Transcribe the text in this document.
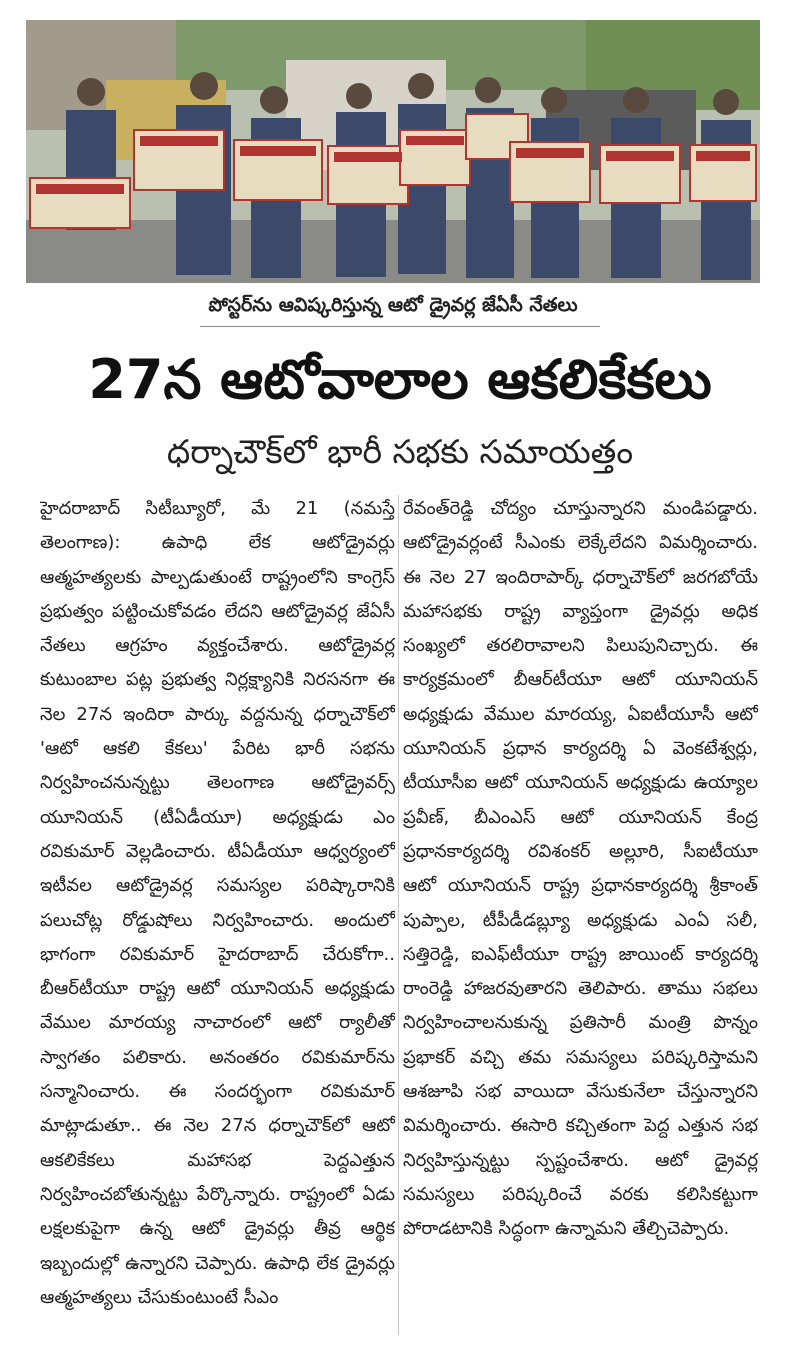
పోస్టర్‌ను ఆవిష్కరిస్తున్న ఆటో డ్రైవర్ల జేఏసీ నేతలు
27న ఆటోవాలాల ఆకలికేకలు
ధర్నాచౌక్‌లో భారీ సభకు సమాయత్తం
హైదరాబాద్ సిటీబ్యూరో, మే 21 (నమస్తే తెలంగాణ): ఉపాధి లేక ఆటోడ్రైవర్లు ఆత్మహత్యలకు పాల్పడుతుంటే రాష్ట్రంలోని కాంగ్రెస్ ప్రభుత్వం పట్టించుకోవడం లేదని ఆటోడ్రైవర్ల జేఏసీ నేతలు ఆగ్రహం వ్యక్తంచేశారు. ఆటోడ్రైవర్ల కుటుంబాల పట్ల ప్రభుత్వ నిర్లక్ష్యానికి నిరసనగా ఈ నెల 27న ఇందిరా పార్కు వద్దనున్న ధర్నాచౌక్‌లో 'ఆటో ఆకలి కేకలు' పేరిట భారీ సభను నిర్వహించనున్నట్టు తెలంగాణ ఆటోడ్రైవర్స్ యూనియన్ (టీఏడీయూ) అధ్యక్షుడు ఎం రవికుమార్ వెల్లడించారు. టీఏడీయూ ఆధ్వర్యంలో ఇటీవల ఆటోడ్రైవర్ల సమస్యల పరిష్కారానికి పలుచోట్ల రోడ్డుషోలు నిర్వహించారు. అందులో భాగంగా రవికుమార్ హైదరాబాద్ చేరుకోగా.. బీఆర్‌టీయూ రాష్ట్ర ఆటో యూనియన్ అధ్యక్షుడు వేముల మారయ్య నాచారంలో ఆటో ర్యాలీతో స్వాగతం పలికారు. అనంతరం రవికుమార్‌ను సన్మానించారు. ఈ సందర్భంగా రవికుమార్ మాట్లాడుతూ.. ఈ నెల 27న ధర్నాచౌక్‌లో ఆటో ఆకలికేకలు మహాసభ పెద్దఎత్తున నిర్వహించబోతున్నట్టు పేర్కొన్నారు. రాష్ట్రంలో ఏడు లక్షలకుపైగా ఉన్న ఆటో డ్రైవర్లు తీవ్ర ఆర్థిక ఇబ్బందుల్లో ఉన్నారని చెప్పారు. ఉపాధి లేక డ్రైవర్లు ఆత్మహత్యలు చేసుకుంటుంటే సీఎం
రేవంత్‌రెడ్డి చోద్యం చూస్తున్నారని మండిపడ్డారు. ఆటోడ్రైవర్లంటే సీఎంకు లెక్కేలేదని విమర్శించారు. ఈ నెల 27 ఇందిరాపార్క్ ధర్నాచౌక్‌లో జరగబోయే మహాసభకు రాష్ట్ర వ్యాప్తంగా డ్రైవర్లు అధిక సంఖ్యలో తరలిరావాలని పిలుపునిచ్చారు. ఈ కార్యక్రమంలో బీఆర్‌టీయూ ఆటో యూనియన్ అధ్యక్షుడు వేముల మారయ్య, ఏఐటీయూసీ ఆటో యూనియన్ ప్రధాన కార్యదర్శి ఏ వెంకటేశ్వర్లు, టీయూసీఐ ఆటో యూనియన్ అధ్యక్షుడు ఉయ్యాల ప్రవీణ్, బీఎంఎస్ ఆటో యూనియన్ కేంద్ర ప్రధానకార్యదర్శి రవిశంకర్ అల్లూరి, సీఐటీయూ ఆటో యూనియన్ రాష్ట్ర ప్రధానకార్యదర్శి శ్రీకాంత్ పుప్పాల, టీపీడీడబ్ల్యూ అధ్యక్షుడు ఎంఏ సలీ, సత్తిరెడ్డి, ఐఎఫ్‌టీయూ రాష్ట్ర జాయింట్ కార్యదర్శి రాంరెడ్డి హాజరవుతారని తెలిపారు. తాము సభలు నిర్వహించాలనుకున్న ప్రతిసారీ మంత్రి పొన్నం ప్రభాకర్ వచ్చి తమ సమస్యలు పరిష్కరిస్తామని ఆశజూపి సభ వాయిదా వేసుకునేలా చేస్తున్నారని విమర్శించారు. ఈసారి కచ్చితంగా పెద్ద ఎత్తున సభ నిర్వహిస్తున్నట్టు స్పష్టంచేశారు. ఆటో డ్రైవర్ల సమస్యలు పరిష్కరించే వరకు కలిసికట్టుగా పోరాడటానికి సిద్ధంగా ఉన్నామని తేల్చిచెప్పారు.
